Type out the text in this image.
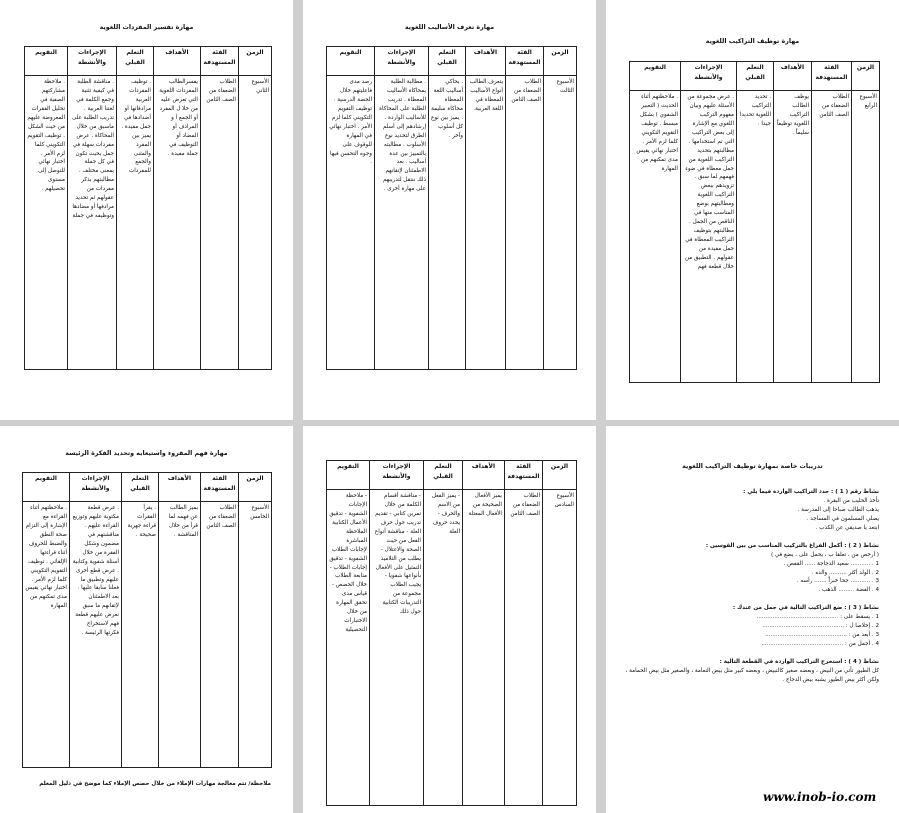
مهارة تفسير المفردات اللغوية
الزمن	الفئة المستهدفة	الأهداف	التعلم القبلي	الإجراءات والأنشطة	التقويم
الأسبوع الثاني	الطلاب الضعفاء من الصف الثامن	يفسرالطالب المفردات اللغوية التي تعرض عليه من خلا ل المفرد أو الجمع أ و المرادف أو المضاد أو التوظيف في جملة مفيدة .	. توظيف المفردات العربية مرادفاتها أو أضدادها في جمل مفيدة . يميز بين المفرد والمثنى والجمع للمفردات	. مناقشة الطلبة في كيفية تثنية وجمع الكلمة في لغتنا العربية . تدريب الطلبة على ماسبق من خلال المحاكاة . عرض مفردات سهلة في جمل بحيث تكون في كل جملة بمعنى مختلف . مطالبتهم بذكر مفردات من عقولهم ثم تحديد مرادفها أو مضادها وتوظيفه في جملة	. ملاحظة مشاركتهم الصفية في تحليل الفقرات المعروضة عليهم من حيث الشكل . توظيف التقويم التكويني كلما لزم الأمر . اختبار نهائي للتوصل إلى مستوى تحصيلهم .
مهارة تعرف الأساليب اللغوية
الزمن	الفئة المستهدفة	الأهداف	التعلم القبلي	الإجراءات والأنشطة	التقويم
الأسبوع الثالث	الطلاب الضعفاء من الصف الثامن	يتعرف الطالب أنواع الأساليب المعطاة في اللغة العربية.	. يحاكي أساليب اللغة المعطاة محاكاة سليمة . يميز بين نوع كل أسلوب وآخر .	. مطالبة الطلبة بمحاكاة الأساليب المعطاة . تدريب الطلبة على المحاكاة للأساليب الواردة . إرشادهم إلى أسلم الطرق لتحديد نوع الأسلوب . مطالبته بالتمييز بين عدة أساليب . بعد الاطمئنان لإتقانهم ذلك ننتقل لتدريبهم على مهارة أخرى .	رصد مدى فاعليتهم خلال الحصة الدرسية . توظيف التقويم التكويني كلما لزم الأمر . اختبار نهائي في المهارة للوقوف على وجوه التحسن فيها .
مهارة توظيف التراكيب اللغوية
الزمن	الفئة المستهدفة	الأهداف	التعلم القبلي	الإجراءات والأنشطة	التقويم
الأسبوع الرابع	الطلاب الضعفاء من الصف الثامن	يوظف الطالب التراكيب اللغوية توظيفاً سليماً .	. تحديد التراكيب اللغوية تحديدا جيدا .	. عرض مجموعة من الأسئلة عليهم وبيان مفهوم التركيب اللغوي مع الإشارة إلى بعض التراكيب التي تم استخدامها . مطالبتهم بتحديد التراكيب اللغوية من جمل معطاة في ضوء فهمهم لما سبق . تزويدهم ببعض التراكيب اللغوية ومطالبتهم بوضع المناسب منها في الناقص من الجمل . مطالبتهم بتوظيف التراكيب المعطاة في جمل مفيدة من عقولهم . التطبيق من خلال قطعة فهم	. ملاحظتهم أثناء الحديث ( التعبير الشفوي ) بشكل مبسط . توظيف التقويم التكويني كلما لزم الأمر . اختبار نهائي يقيس مدى تمكنهم من المهارة
مهارة فهم المقروء واستيعابه وتحديد الفكرة الرئيسة
الزمن	الفئة المستهدفة	الأهداف	التعلم القبلي	الإجراءات والأنشطة	التقويم
الأسبوع الخامس	الطلاب الضعفاء من الصف الثامن	يميز الطالب عن فهمه لما قرأ من خلال المناقشة .	. يقرأ الفقرات قراءة جهرية صحيحة .	. عرض قطعة مكتوبة عليهم وتوزيع القراءة عليهم . مناقشتهم في مضمون وشكل الفقرة من خلال أسئلة شفوية وكتابية . عرض قطع أخرى عليهم وتطبيق ما فعلنا سابقا عليها . بعد الاطمئنان لإتقانهم ما سبق نعرض عليهم قطعة فهم لاستخراج فكرتها الرئيسة .	. ملاحظتهم أثناء القراءة مع الإشارة إلى التزام صحة النطق والضبط للحروف أثناء قراءتها الإلقائي . توظيف التقويم التكويني كلما لزم الأمر . اختبار نهائي يقيس مدى تمكنهم من المهارة
ملاحظة/ تتم معالجة مهارات الإملاء من خلال حصص الإملاء كما موضح في دليل المعلم
الزمن	الفئة المستهدفة	الأهداف	التعلم القبلي	الإجراءات والأنشطة	التقويم
الأسبوع السادس	الطلاب الضعفاء من الصف الثامن	يميز الأفعال الصحيحة من الأفعال المعتلة	- يميز الفعل من الاسم والحرف - يحدد حروف العلة	- مناقشة أقسام الكلمة من خلال تمرين كتابي - تقديم تدريب حول حرف العلة - مناقشة أنواع الفعل من حيث الصحة والاعتلال - يطلب من التلاميذ التمثيل على الأفعال بأنواعها شفويا - يجيب الطلاب مجموعة من التدريبات الكتابية حول ذلك	- ملاحظة الإجابات الشفوية - تدقيق الأعمال الكتابية الملاحظة المباشرة لإجابات الطلاب الشفوية - تدقيق إجابات الطلاب - متابعة الطلاب خلال الحصص - قياس مدى تحقق المهارة من خلال الاختبارات التحصيلية
تدريبات خاصة بمهارة توظيف التراكيب اللغوية
نشاط رقم ( 1 ) : حدد التراكيب الواردة فيما يلي :
تأخذ الحليب من البقرة .
يذهب الطالب صباحا إلى المدرسة .
يصلي المسلمون في المساجد .
ابتعد يا صديقي عن الكذب .
نشاط ( 2 ) : أكمل الفراغ بالتركيب المناسب من بين القوسين :
( أرخص من ، تعلقا ب ، يحمل على ، يضع في )
1 . ........... سعيد الدجاجة ...... القفص .
2 . الولد أكثر .......... والده .
3 . ........... جحا خبزاً ....... رأسه .
4 . الفضة ......... الذهب .
نشاط ( 3 ) : ضع التراكيب التالية في جمل من عندك :
1 . يسقط على : ..............................................
2 . إخلاصا ل : ..............................................
3 . أبعد من : ..............................................
4 . أجمل من : ..............................................
نشاط ( 4 ) : استخرج التراكيب الواردة في القطعة التالية :
كل الطيور تأتي من البيض ، وبعضه صغير كالنبيض ، وبعضه كبير مثل بيض النعامة ، والصغير مثل بيض الحمامة ، ولكن أكثر بيض الطيور يشبه بيض الدجاج .
www.inob-io.com
